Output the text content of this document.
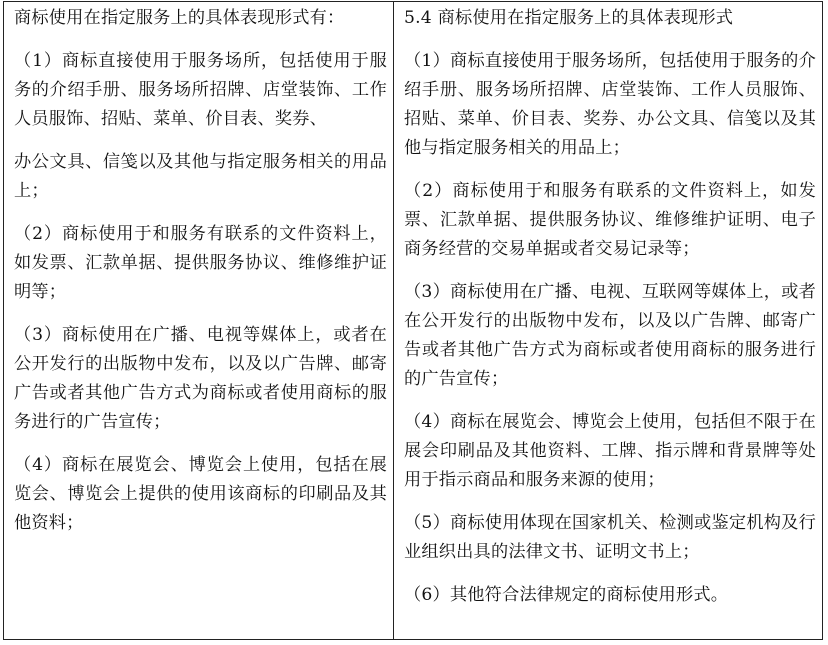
商标使用在指定服务上的具体表现形式有：

（1）商标直接使用于服务场所，包括使用于服务的介绍手册、服务场所招牌、店堂装饰、工作人员服饰、招贴、菜单、价目表、奖券、

办公文具、信笺以及其他与指定服务相关的用品上；

（2）商标使用于和服务有联系的文件资料上，如发票、汇款单据、提供服务协议、维修维护证明等；

（3）商标使用在广播、电视等媒体上，或者在公开发行的出版物中发布，以及以广告牌、邮寄广告或者其他广告方式为商标或者使用商标的服务进行的广告宣传；

（4）商标在展览会、博览会上使用，包括在展览会、博览会上提供的使用该商标的印刷品及其他资料；

5.4 商标使用在指定服务上的具体表现形式

（1）商标直接使用于服务场所，包括使用于服务的介绍手册、服务场所招牌、店堂装饰、工作人员服饰、招贴、菜单、价目表、奖券、办公文具、信笺以及其他与指定服务相关的用品上；

（2）商标使用于和服务有联系的文件资料上，如发票、汇款单据、提供服务协议、维修维护证明、电子商务经营的交易单据或者交易记录等；

（3）商标使用在广播、电视、互联网等媒体上，或者在公开发行的出版物中发布，以及以广告牌、邮寄广告或者其他广告方式为商标或者使用商标的服务进行的广告宣传；

（4）商标在展览会、博览会上使用，包括但不限于在展会印刷品及其他资料、工牌、指示牌和背景牌等处用于指示商品和服务来源的使用；

（5）商标使用体现在国家机关、检测或鉴定机构及行业组织出具的法律文书、证明文书上；

（6）其他符合法律规定的商标使用形式。
